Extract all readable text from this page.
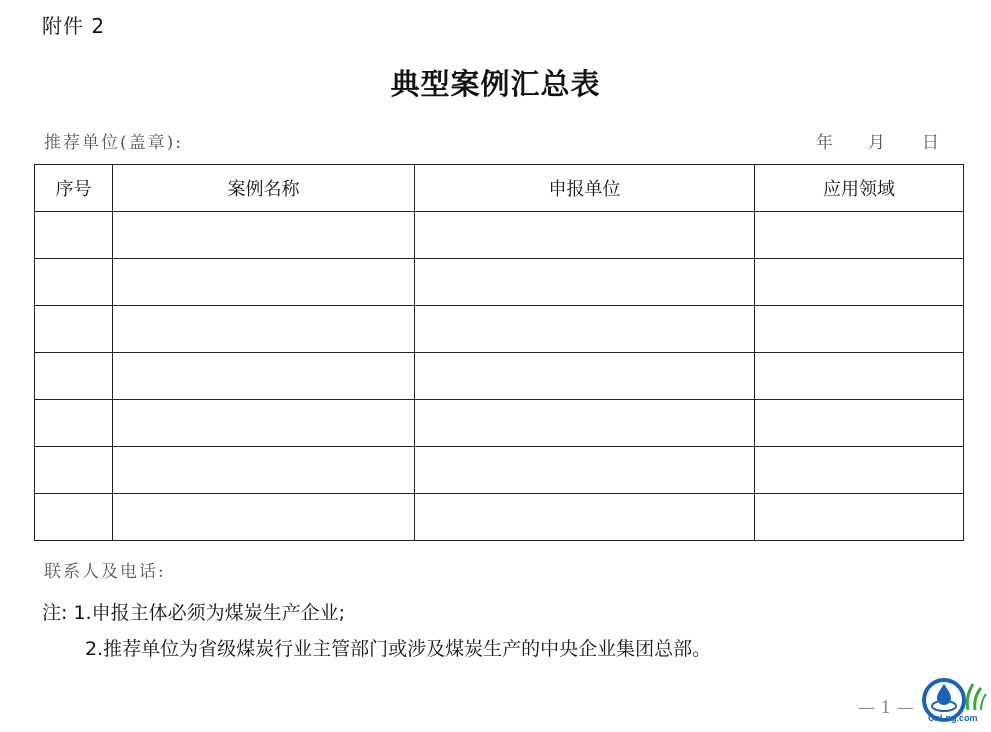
附件 2
典型案例汇总表
推荐单位(盖章):	年 月 日
序号	案例名称	申报单位	应用领域

联系人及电话:
注: 1.申报主体必须为煤炭生产企业;
2.推荐单位为省级煤炭行业主管部门或涉及煤炭生产的中央企业集团总部。
— 1 — CnLng.com
